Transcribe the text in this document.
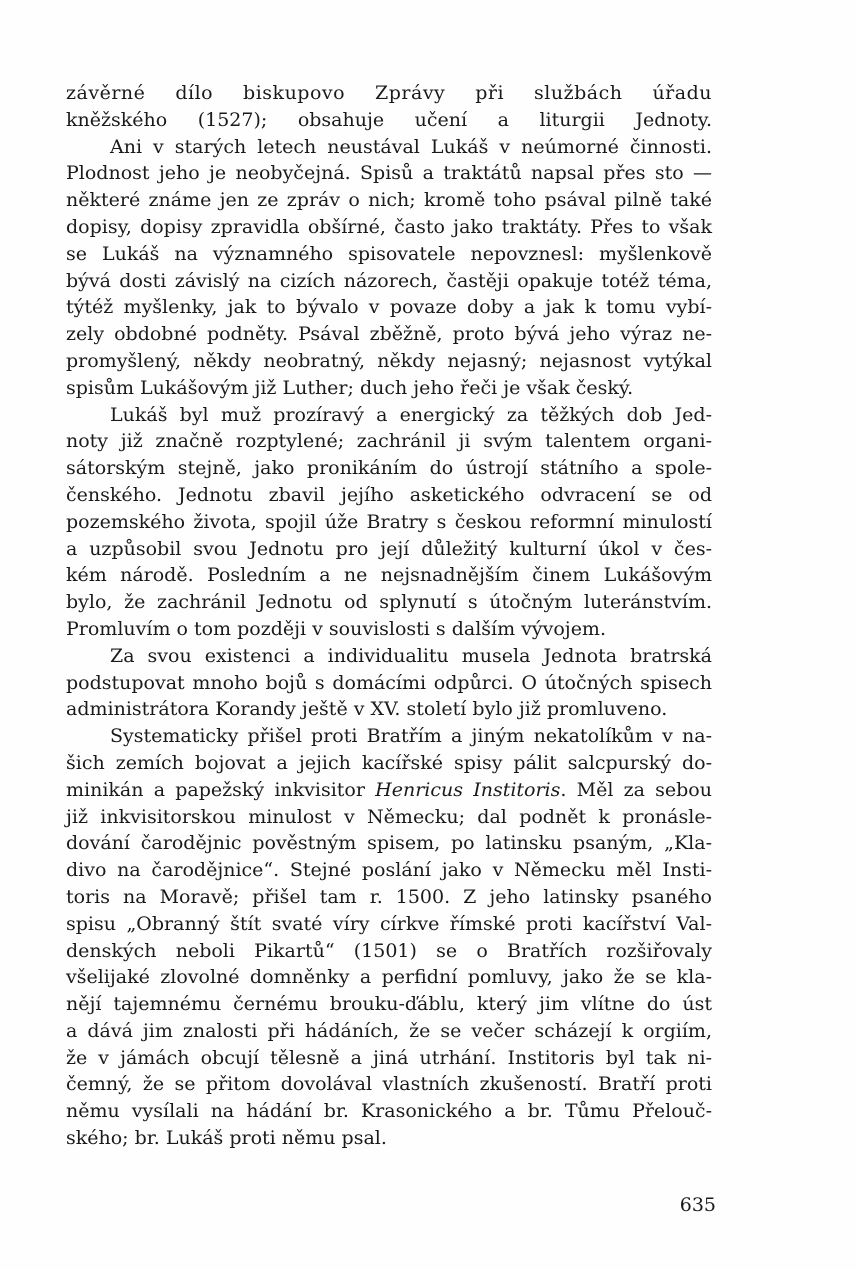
závěrné dílo biskupovo Zprávy při službách úřadu
kněžského (1527); obsahuje učení a liturgii Jednoty.
Ani v starých letech neustával Lukáš v neúmorné činnosti.
Plodnost jeho je neobyčejná. Spisů a traktátů napsal přes sto —
některé známe jen ze zpráv o nich; kromě toho psával pilně také
dopisy, dopisy zpravidla obšírné, často jako traktáty. Přes to však
se Lukáš na významného spisovatele nepovznesl: myšlenkově
bývá dosti závislý na cizích názorech, častěji opakuje totéž téma,
týtéž myšlenky, jak to bývalo v povaze doby a jak k tomu vybí-
zely obdobné podněty. Psával zběžně, proto bývá jeho výraz ne-
promyšlený, někdy neobratný, někdy nejasný; nejasnost vytýkal
spisům Lukášovým již Luther; duch jeho řeči je však český.
Lukáš byl muž prozíravý a energický za těžkých dob Jed-
noty již značně rozptylené; zachránil ji svým talentem organi-
sátorským stejně, jako pronikáním do ústrojí státního a spole-
čenského. Jednotu zbavil jejího asketického odvracení se od
pozemského života, spojil úže Bratry s českou reformní minulostí
a uzpůsobil svou Jednotu pro její důležitý kulturní úkol v čes-
kém národě. Posledním a ne nejsnadnějším činem Lukášovým
bylo, že zachránil Jednotu od splynutí s útočným luteránstvím.
Promluvím o tom později v souvislosti s dalším vývojem.
Za svou existenci a individualitu musela Jednota bratrská
podstupovat mnoho bojů s domácími odpůrci. O útočných spisech
administrátora Korandy ještě v XV. století bylo již promluveno.
Systematicky přišel proti Bratřím a jiným nekatolíkům v na-
šich zemích bojovat a jejich kacířské spisy pálit salcpurský do-
minikán a papežský inkvisitor Henricus Institoris. Měl za sebou
již inkvisitorskou minulost v Německu; dal podnět k pronásle-
dování čarodějnic pověstným spisem, po latinsku psaným, „Kla-
divo na čarodějnice“. Stejné poslání jako v Německu měl Insti-
toris na Moravě; přišel tam r. 1500. Z jeho latinsky psaného
spisu „Obranný štít svaté víry církve římské proti kacířství Val-
denských neboli Pikartů“ (1501) se o Bratřích rozšiřovaly
všelijaké zlovolné domněnky a perfidní pomluvy, jako že se kla-
nějí tajemnému černému brouku-ďáblu, který jim vlítne do úst
a dává jim znalosti při hádáních, že se večer scházejí k orgiím,
že v jámách obcují tělesně a jiná utrhání. Institoris byl tak ni-
čemný, že se přitom dovolával vlastních zkušeností. Bratří proti
němu vysílali na hádání br. Krasonického a br. Tůmu Přelouč-
ského; br. Lukáš proti němu psal.
635
